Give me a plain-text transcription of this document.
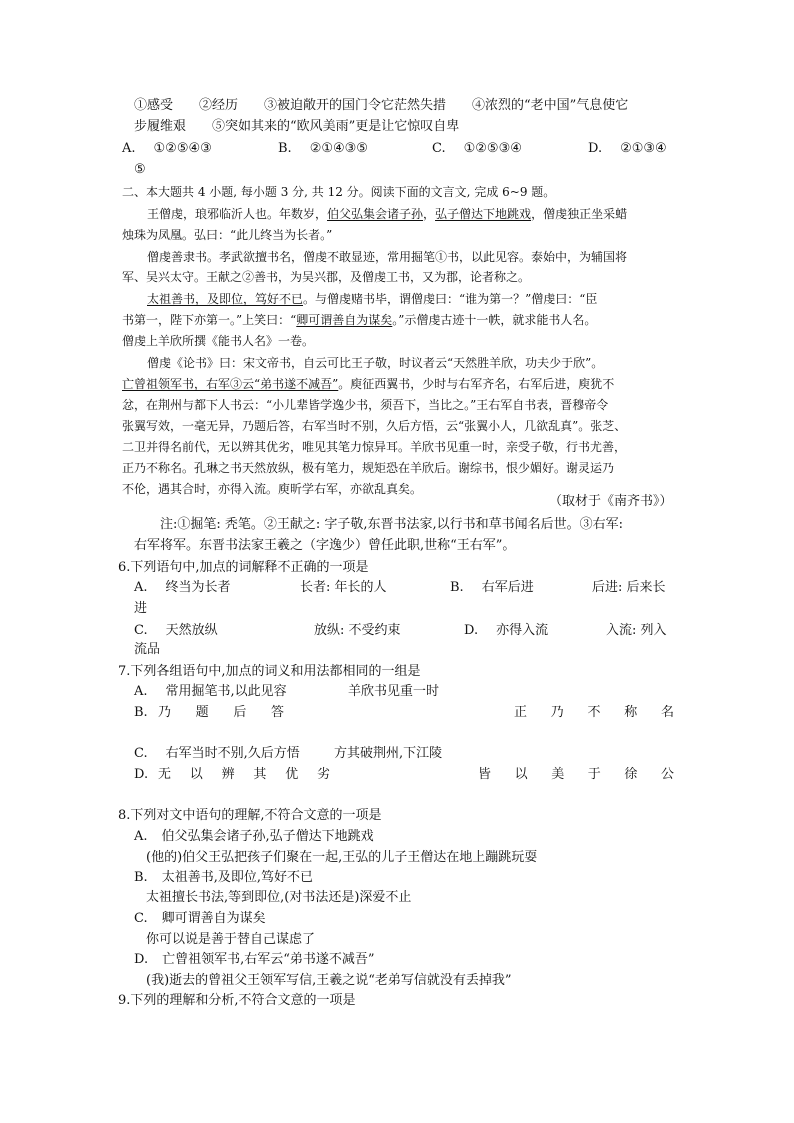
①感受　　②经历　　③被迫敞开的国门令它茫然失措　　④浓烈的“老中国”气息使它
步履维艰　　⑤突如其来的“欧风美雨”更是让它惊叹自卑
A. ①②⑤④③	B. ②①④③⑤	C. ①②⑤③④	D. ②①③④
⑤
二、本大题共 4 小题, 每小题 3 分, 共 12 分。阅读下面的文言文, 完成 6~9 题。
王僧虔，琅邪临沂人也。年数岁，伯父弘集会诸子孙，弘子僧达下地跳戏，僧虔独正坐采蜡
烛珠为凤凰。弘曰：“此儿终当为长者。”
僧虔善隶书。孝武欲擅书名，僧虔不敢显迹，常用掘笔①书，以此见容。泰始中，为辅国将
军、吴兴太守。王献之②善书，为吴兴郡，及僧虔工书，又为郡，论者称之。
太祖善书，及即位，笃好不已。与僧虔赌书毕，谓僧虔曰：“谁为第一？”僧虔曰：“臣
书第一，陛下亦第一。”上笑曰：“卿可谓善自为谋矣。”示僧虔古迹十一帙，就求能书人名。
僧虔上羊欣所撰《能书人名》一卷。
僧虔《论书》曰：宋文帝书，自云可比王子敬，时议者云“天然胜羊欣，功夫少于欣”。
亡曾祖领军书，右军③云“弟书遂不减吾”。庾征西翼书，少时与右军齐名，右军后进，庾犹不
忿，在荆州与都下人书云：“小儿辈皆学逸少书，须吾下，当比之。”王右军自书表，晋穆帝令
张翼写效，一毫无异，乃题后答，右军当时不别，久后方悟，云“张翼小人，几欲乱真”。张芝、
二卫并得名前代，无以辨其优劣，唯见其笔力惊异耳。羊欣书见重一时，亲受子敬，行书尤善，
正乃不称名。孔琳之书天然放纵，极有笔力，规矩恐在羊欣后。谢综书，恨少媚好。谢灵运乃
不伦，遇其合时，亦得入流。庾昕学右军，亦欲乱真矣。
（取材于《南齐书》）
注:①掘笔: 秃笔。②王献之: 字子敬,东晋书法家,以行书和草书闻名后世。③右军:
右军将军。东晋书法家王羲之（字逸少）曾任此职,世称“王右军”。
6.下列语句中,加点的词解释不正确的一项是
A. 终当为长者	长者: 年长的人	B. 右军后进	后进: 后来长
进
C. 天然放纵	放纵: 不受约束	D. 亦得入流	入流: 列入
流品
7.下列各组语句中,加点的词义和用法都相同的一组是
A. 常用掘笔书,以此见容	羊欣书见重一时
B. 乃 题 后 答	正 乃 不 称 名
C. 右军当时不别,久后方悟	方其破荆州,下江陵
D. 无 以 辨 其 优 劣	皆 以 美 于 徐 公
8.下列对文中语句的理解,不符合文意的一项是
A. 伯父弘集会诸子孙,弘子僧达下地跳戏
(他的)伯父王弘把孩子们聚在一起,王弘的儿子王僧达在地上蹦跳玩耍
B. 太祖善书,及即位,笃好不已
太祖擅长书法,等到即位,(对书法还是)深爱不止
C. 卿可谓善自为谋矣
你可以说是善于替自己谋虑了
D. 亡曾祖领军书,右军云“弟书遂不减吾”
(我)逝去的曾祖父王领军写信,王羲之说“老弟写信就没有丢掉我”
9.下列的理解和分析,不符合文意的一项是
